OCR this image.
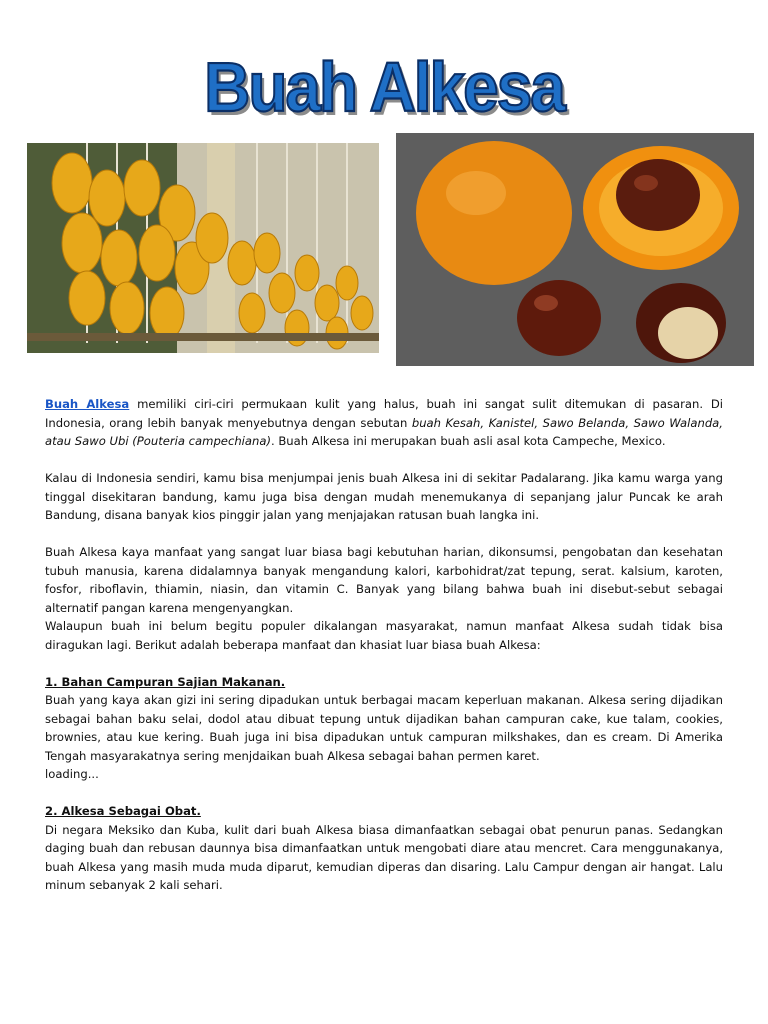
Buah Alkesa

Buah Alkesa memiliki ciri-ciri permukaan kulit yang halus, buah ini sangat sulit ditemukan di pasaran. Di Indonesia, orang lebih banyak menyebutnya dengan sebutan buah Kesah, Kanistel, Sawo Belanda, Sawo Walanda, atau Sawo Ubi (Pouteria campechiana). Buah Alkesa ini merupakan buah asli asal kota Campeche, Mexico.

Kalau di Indonesia sendiri, kamu bisa menjumpai jenis buah Alkesa ini di sekitar Padalarang. Jika kamu warga yang tinggal disekitaran bandung, kamu juga bisa dengan mudah menemukanya di sepanjang jalur Puncak ke arah Bandung, disana banyak kios pinggir jalan yang menjajakan ratusan buah langka ini.

Buah Alkesa kaya manfaat yang sangat luar biasa bagi kebutuhan harian, dikonsumsi, pengobatan dan kesehatan tubuh manusia, karena didalamnya banyak mengandung kalori, karbohidrat/zat tepung, serat. kalsium, karoten, fosfor, riboflavin, thiamin, niasin, dan vitamin C. Banyak yang bilang bahwa buah ini disebut-sebut sebagai alternatif pangan karena mengenyangkan.

Walaupun buah ini belum begitu populer dikalangan masyarakat, namun manfaat Alkesa sudah tidak bisa diragukan lagi. Berikut adalah beberapa manfaat dan khasiat luar biasa buah Alkesa:

1. Bahan Campuran Sajian Makanan.
Buah yang kaya akan gizi ini sering dipadukan untuk berbagai macam keperluan makanan. Alkesa sering dijadikan sebagai bahan baku selai, dodol atau dibuat tepung untuk dijadikan bahan campuran cake, kue talam, cookies, brownies, atau kue kering. Buah juga ini bisa dipadukan untuk campuran milkshakes, dan es cream. Di Amerika Tengah masyarakatnya sering menjdaikan buah Alkesa sebagai bahan permen karet.
loading...

2. Alkesa Sebagai Obat.
Di negara Meksiko dan Kuba, kulit dari buah Alkesa biasa dimanfaatkan sebagai obat penurun panas. Sedangkan daging buah dan rebusan daunnya bisa dimanfaatkan untuk mengobati diare atau mencret. Cara menggunakanya, buah Alkesa yang masih muda muda diparut, kemudian diperas dan disaring. Lalu Campur dengan air hangat. Lalu minum sebanyak 2 kali sehari.
